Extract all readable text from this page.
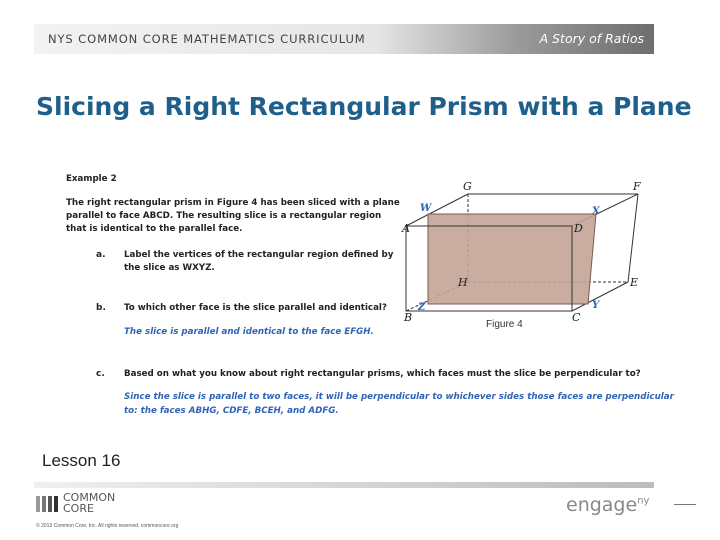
NYS COMMON CORE MATHEMATICS CURRICULUM	A Story of Ratios
Slicing a Right Rectangular Prism with a Plane
Example 2
The right rectangular prism in Figure 4 has been sliced with a plane
parallel to face ABCD. The resulting slice is a rectangular region
that is identical to the parallel face.
a. Label the vertices of the rectangular region defined by
the slice as WXYZ.
b. To which other face is the slice parallel and identical?
The slice is parallel and identical to the face EFGH.
c. Based on what you know about right rectangular prisms, which faces must the slice be perpendicular to?
Since the slice is parallel to two faces, it will be perpendicular to whichever sides those faces are perpendicular
to: the faces ABHG, CDFE, BCEH, and ADFG.
G	F
W	X
A	D
H	E
Z	Y
B	C
Figure 4
Lesson 16
COMMON
CORE
© 2013 Common Core, Inc. All rights reserved. commoncore.org
engage$^{ny}$
